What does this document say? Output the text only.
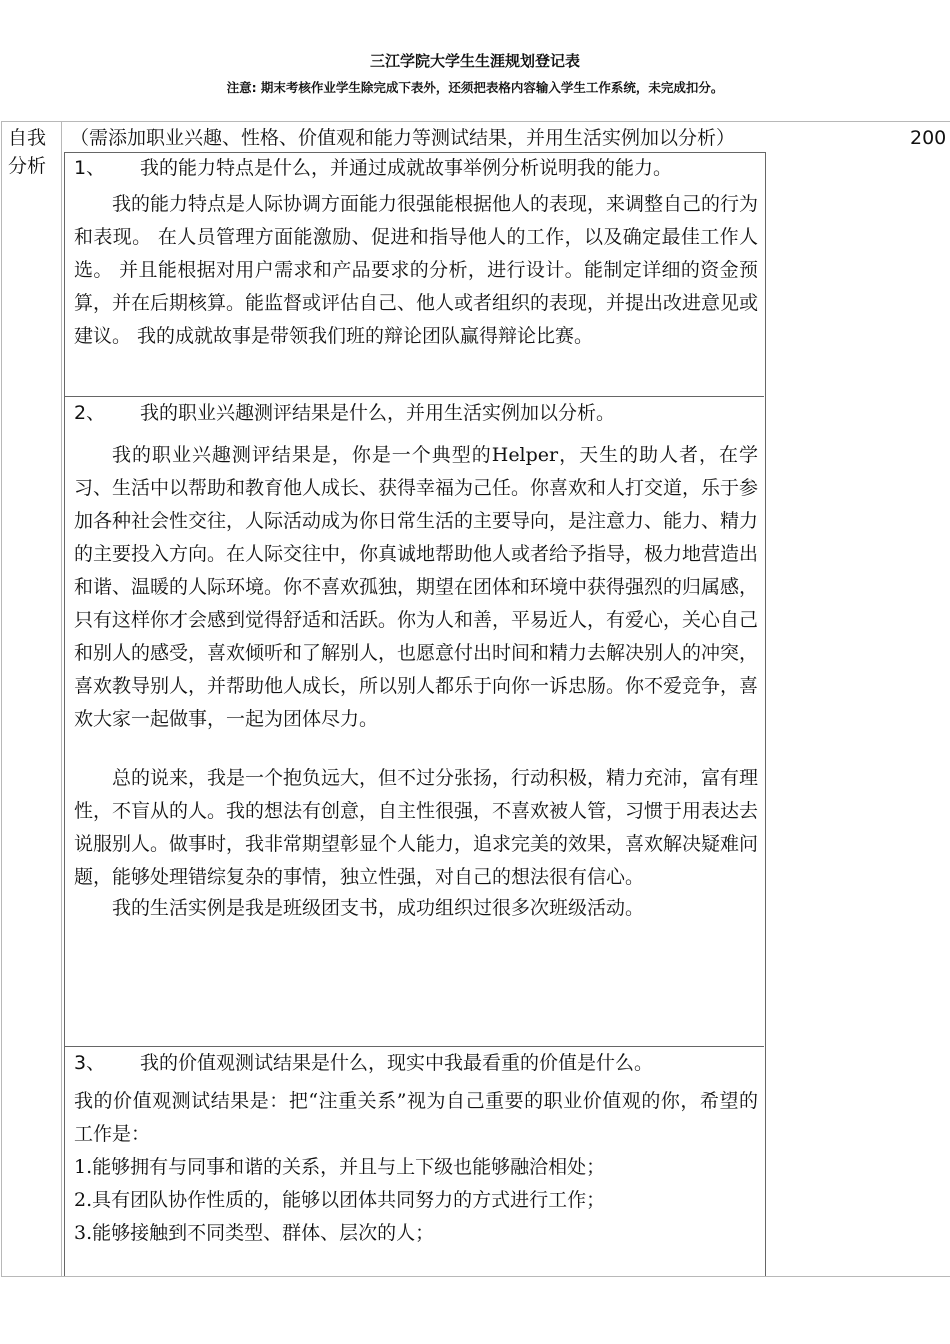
三江学院大学生生涯规划登记表
注意: 期末考核作业学生除完成下表外，还须把表格内容输入学生工作系统，未完成扣分。
自我分析
（需添加职业兴趣、性格、价值观和能力等测试结果，并用生活实例加以分析）	200
1、 我的能力特点是什么，并通过成就故事举例分析说明我的能力。

我的能力特点是人际协调方面能力很强能根据他人的表现，来调整自己的行为和表现。 在人员管理方面能激励、促进和指导他人的工作，以及确定最佳工作人选。 并且能根据对用户需求和产品要求的分析，进行设计。能制定详细的资金预算，并在后期核算。能监督或评估自己、他人或者组织的表现，并提出改进意见或建议。 我的成就故事是带领我们班的辩论团队赢得辩论比赛。

2、 我的职业兴趣测评结果是什么，并用生活实例加以分析。

我的职业兴趣测评结果是，你是一个典型的Helper，天生的助人者，在学习、生活中以帮助和教育他人成长、获得幸福为己任。你喜欢和人打交道，乐于参加各种社会性交往，人际活动成为你日常生活的主要导向，是注意力、能力、精力的主要投入方向。在人际交往中，你真诚地帮助他人或者给予指导，极力地营造出和谐、温暖的人际环境。你不喜欢孤独，期望在团体和环境中获得强烈的归属感，只有这样你才会感到觉得舒适和活跃。你为人和善，平易近人，有爱心，关心自己和别人的感受，喜欢倾听和了解别人，也愿意付出时间和精力去解决别人的冲突，喜欢教导别人，并帮助他人成长，所以别人都乐于向你一诉忠肠。你不爱竞争，喜欢大家一起做事，一起为团体尽力。

总的说来，我是一个抱负远大，但不过分张扬，行动积极，精力充沛，富有理性，不盲从的人。我的想法有创意，自主性很强，不喜欢被人管，习惯于用表达去说服别人。做事时，我非常期望彰显个人能力，追求完美的效果，喜欢解决疑难问题，能够处理错综复杂的事情，独立性强，对自己的想法很有信心。

我的生活实例是我是班级团支书，成功组织过很多次班级活动。

3、 我的价值观测试结果是什么，现实中我最看重的价值是什么。

我的价值观测试结果是：把“注重关系”视为自己重要的职业价值观的你，希望的工作是：

1.能够拥有与同事和谐的关系，并且与上下级也能够融洽相处；

2.具有团队协作性质的，能够以团体共同努力的方式进行工作；

3.能够接触到不同类型、群体、层次的人；
